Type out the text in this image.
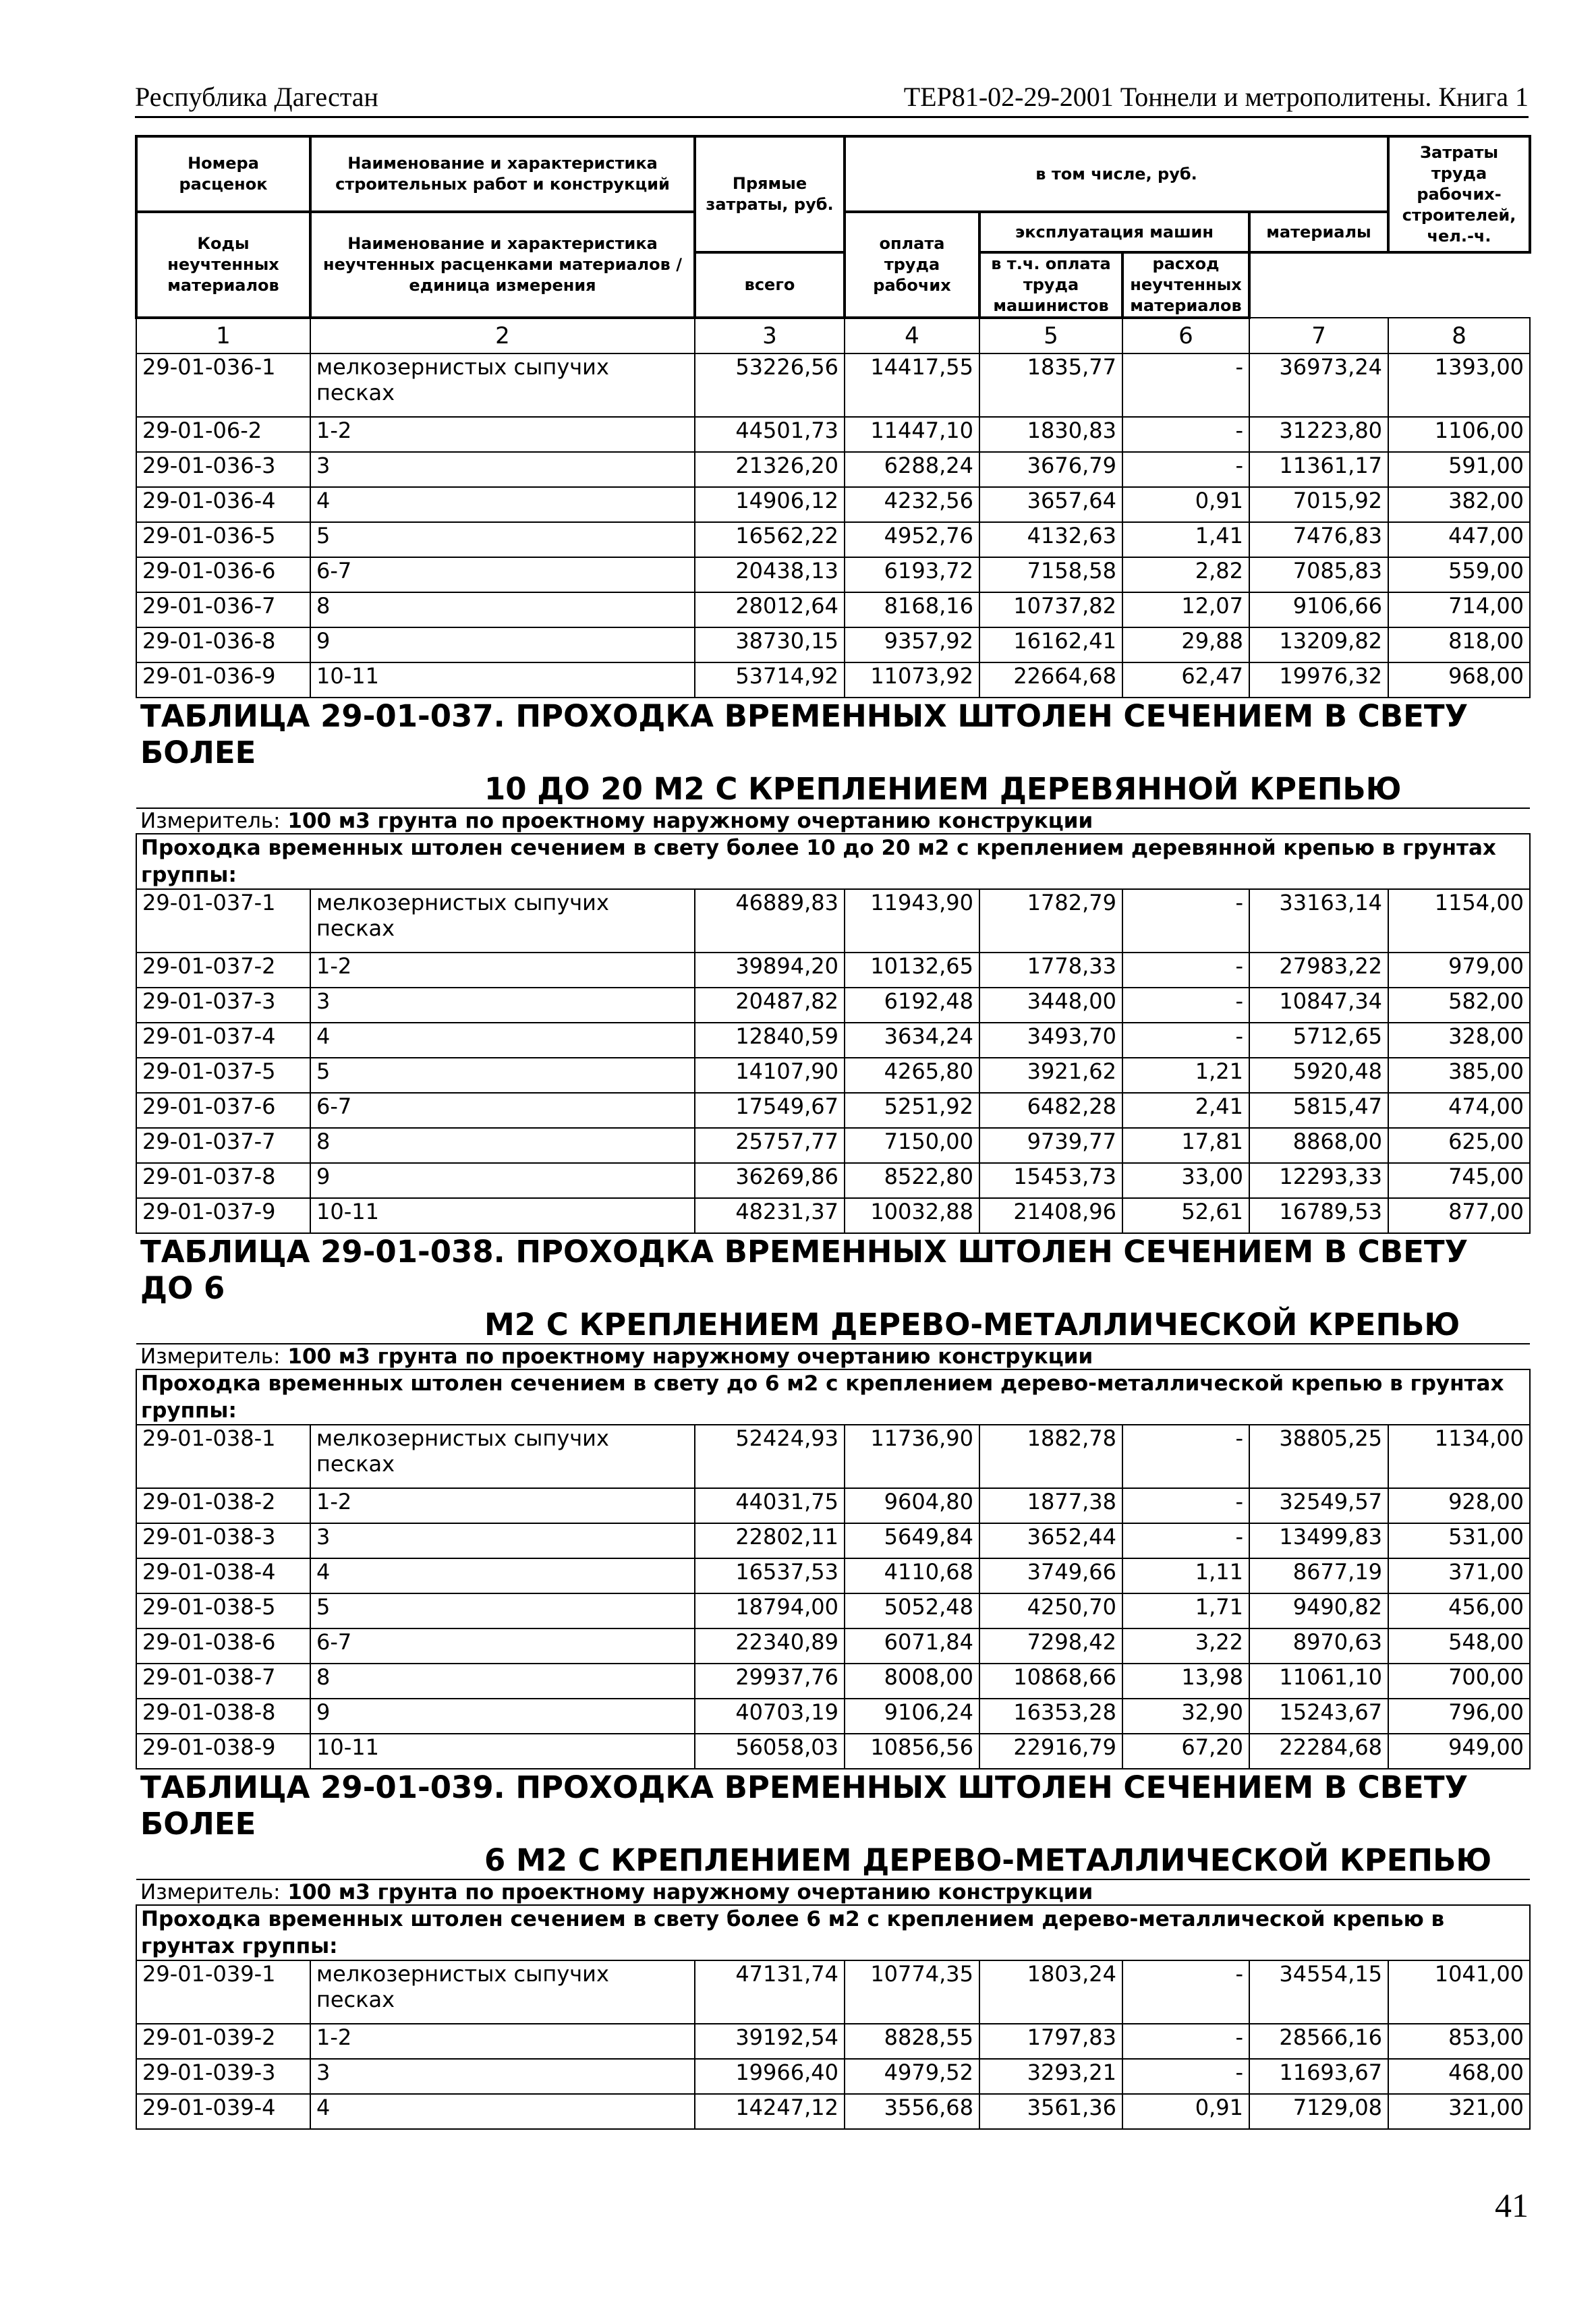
Республика Дагестан	ТЕР81-02-29-2001 Тоннели и метрополитены. Книга 1
Номера расценок	Наименование и характеристика строительных работ и конструкций	Прямые затраты, руб.	в том числе, руб.				Затраты труда рабочих-строителей, чел.-ч.
Коды неучтенных материалов	Наименование и характеристика неучтенных расценками материалов / единица измерения		оплата труда рабочих	эксплуатация машин		материалы	
		всего		в т.ч. оплата труда машинистов	расход неучтенных материалов	
1	2	3	4	5	6	7	8
29-01-036-1	мелкозернистых сыпучих песках	53226,56	14417,55	1835,77	-	36973,24	1393,00
29-01-06-2	1-2	44501,73	11447,10	1830,83	-	31223,80	1106,00
29-01-036-3	3	21326,20	6288,24	3676,79	-	11361,17	591,00
29-01-036-4	4	14906,12	4232,56	3657,64	0,91	7015,92	382,00
29-01-036-5	5	16562,22	4952,76	4132,63	1,41	7476,83	447,00
29-01-036-6	6-7	20438,13	6193,72	7158,58	2,82	7085,83	559,00
29-01-036-7	8	28012,64	8168,16	10737,82	12,07	9106,66	714,00
29-01-036-8	9	38730,15	9357,92	16162,41	29,88	13209,82	818,00
29-01-036-9	10-11	53714,92	11073,92	22664,68	62,47	19976,32	968,00

ТАБЛИЦА 29-01-037. ПРОХОДКА ВРЕМЕННЫХ ШТОЛЕН СЕЧЕНИЕМ В СВЕТУ БОЛЕЕ
10 ДО 20 М2 С КРЕПЛЕНИЕМ ДЕРЕВЯННОЙ КРЕПЬЮ							

Измеритель: 100 м3 грунта по проектному наружному очертанию конструкции							
Проходка временных штолен сечением в свету более 10 до 20 м2 с креплением деревянной крепью в грунтах группы:							
29-01-037-1	мелкозернистых сыпучих песках	46889,83	11943,90	1782,79	-	33163,14	1154,00
29-01-037-2	1-2	39894,20	10132,65	1778,33	-	27983,22	979,00
29-01-037-3	3	20487,82	6192,48	3448,00	-	10847,34	582,00
29-01-037-4	4	12840,59	3634,24	3493,70	-	5712,65	328,00
29-01-037-5	5	14107,90	4265,80	3921,62	1,21	5920,48	385,00
29-01-037-6	6-7	17549,67	5251,92	6482,28	2,41	5815,47	474,00
29-01-037-7	8	25757,77	7150,00	9739,77	17,81	8868,00	625,00
29-01-037-8	9	36269,86	8522,80	15453,73	33,00	12293,33	745,00
29-01-037-9	10-11	48231,37	10032,88	21408,96	52,61	16789,53	877,00

ТАБЛИЦА 29-01-038. ПРОХОДКА ВРЕМЕННЫХ ШТОЛЕН СЕЧЕНИЕМ В СВЕТУ ДО 6
М2 С КРЕПЛЕНИЕМ ДЕРЕВО-МЕТАЛЛИЧЕСКОЙ КРЕПЬЮ							

Измеритель: 100 м3 грунта по проектному наружному очертанию конструкции							
Проходка временных штолен сечением в свету до 6 м2 с креплением дерево-металлической крепью в грунтах группы:							
29-01-038-1	мелкозернистых сыпучих песках	52424,93	11736,90	1882,78	-	38805,25	1134,00
29-01-038-2	1-2	44031,75	9604,80	1877,38	-	32549,57	928,00
29-01-038-3	3	22802,11	5649,84	3652,44	-	13499,83	531,00
29-01-038-4	4	16537,53	4110,68	3749,66	1,11	8677,19	371,00
29-01-038-5	5	18794,00	5052,48	4250,70	1,71	9490,82	456,00
29-01-038-6	6-7	22340,89	6071,84	7298,42	3,22	8970,63	548,00
29-01-038-7	8	29937,76	8008,00	10868,66	13,98	11061,10	700,00
29-01-038-8	9	40703,19	9106,24	16353,28	32,90	15243,67	796,00
29-01-038-9	10-11	56058,03	10856,56	22916,79	67,20	22284,68	949,00

ТАБЛИЦА 29-01-039. ПРОХОДКА ВРЕМЕННЫХ ШТОЛЕН СЕЧЕНИЕМ В СВЕТУ БОЛЕЕ
6 М2 С КРЕПЛЕНИЕМ ДЕРЕВО-МЕТАЛЛИЧЕСКОЙ КРЕПЬЮ							

Измеритель: 100 м3 грунта по проектному наружному очертанию конструкции							
Проходка временных штолен сечением в свету более 6 м2 с креплением дерево-металлической крепью в грунтах группы:							
29-01-039-1	мелкозернистых сыпучих песках	47131,74	10774,35	1803,24	-	34554,15	1041,00
29-01-039-2	1-2	39192,54	8828,55	1797,83	-	28566,16	853,00
29-01-039-3	3	19966,40	4979,52	3293,21	-	11693,67	468,00
29-01-039-4	4	14247,12	3556,68	3561,36	0,91	7129,08	321,00
41
